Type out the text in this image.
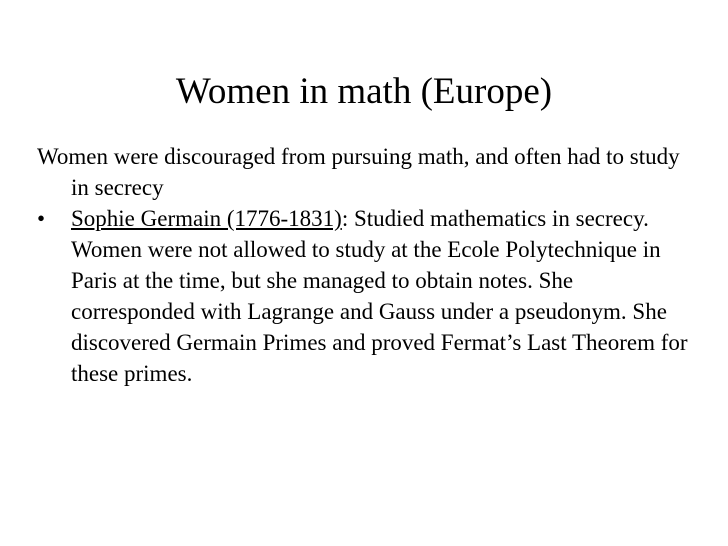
Women in math (Europe)

Women were discouraged from pursuing math, and often had to study in secrecy

•	Sophie Germain (1776-1831): Studied mathematics in secrecy. Women were not allowed to study at the Ecole Polytechnique in Paris at the time, but she managed to obtain notes. She corresponded with Lagrange and Gauss under a pseudonym. She discovered Germain Primes and proved Fermat’s Last Theorem for these primes.
